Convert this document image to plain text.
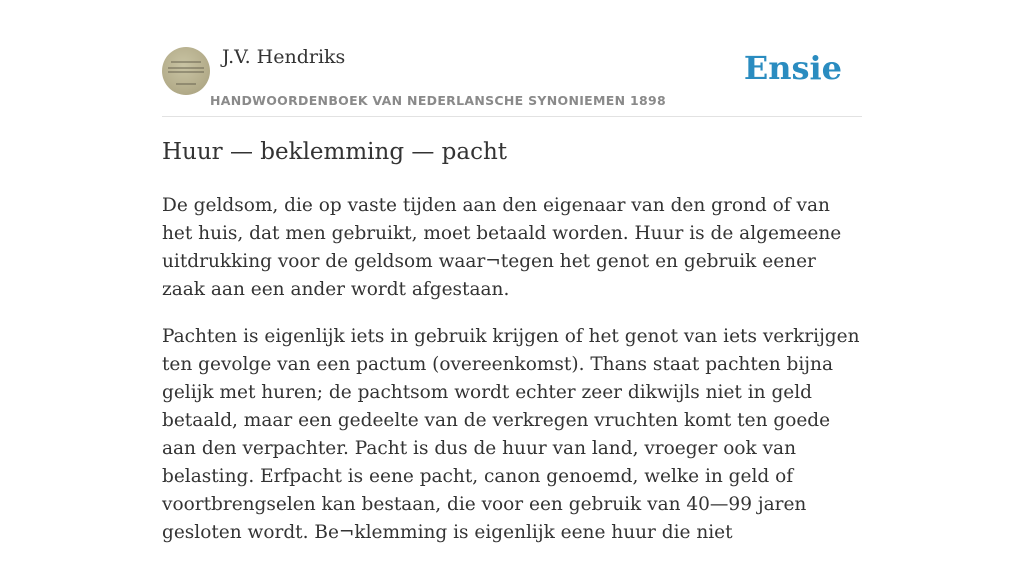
J.V. Hendriks
HANDWOORDENBOEK VAN NEDERLANSCHE SYNONIEMEN 1898
Ensie
Huur — beklemming — pacht

De geldsom, die op vaste tijden aan den eigenaar van den grond of van het huis, dat men gebruikt, moet betaald worden. Huur is de algemeene uitdrukking voor de geldsom waar¬tegen het genot en gebruik eener zaak aan een ander wordt afgestaan.

Pachten is eigenlijk iets in gebruik krijgen of het genot van iets verkrijgen ten gevolge van een pactum (overeenkomst). Thans staat pachten bijna gelijk met huren; de pachtsom wordt echter zeer dikwijls niet in geld betaald, maar een gedeelte van de verkregen vruchten komt ten goede aan den verpachter. Pacht is dus de huur van land, vroeger ook van belasting. Erfpacht is eene pacht, canon genoemd, welke in geld of voortbrengselen kan bestaan, die voor een gebruik van 40—99 jaren gesloten wordt. Be¬klemming is eigenlijk eene huur die niet
